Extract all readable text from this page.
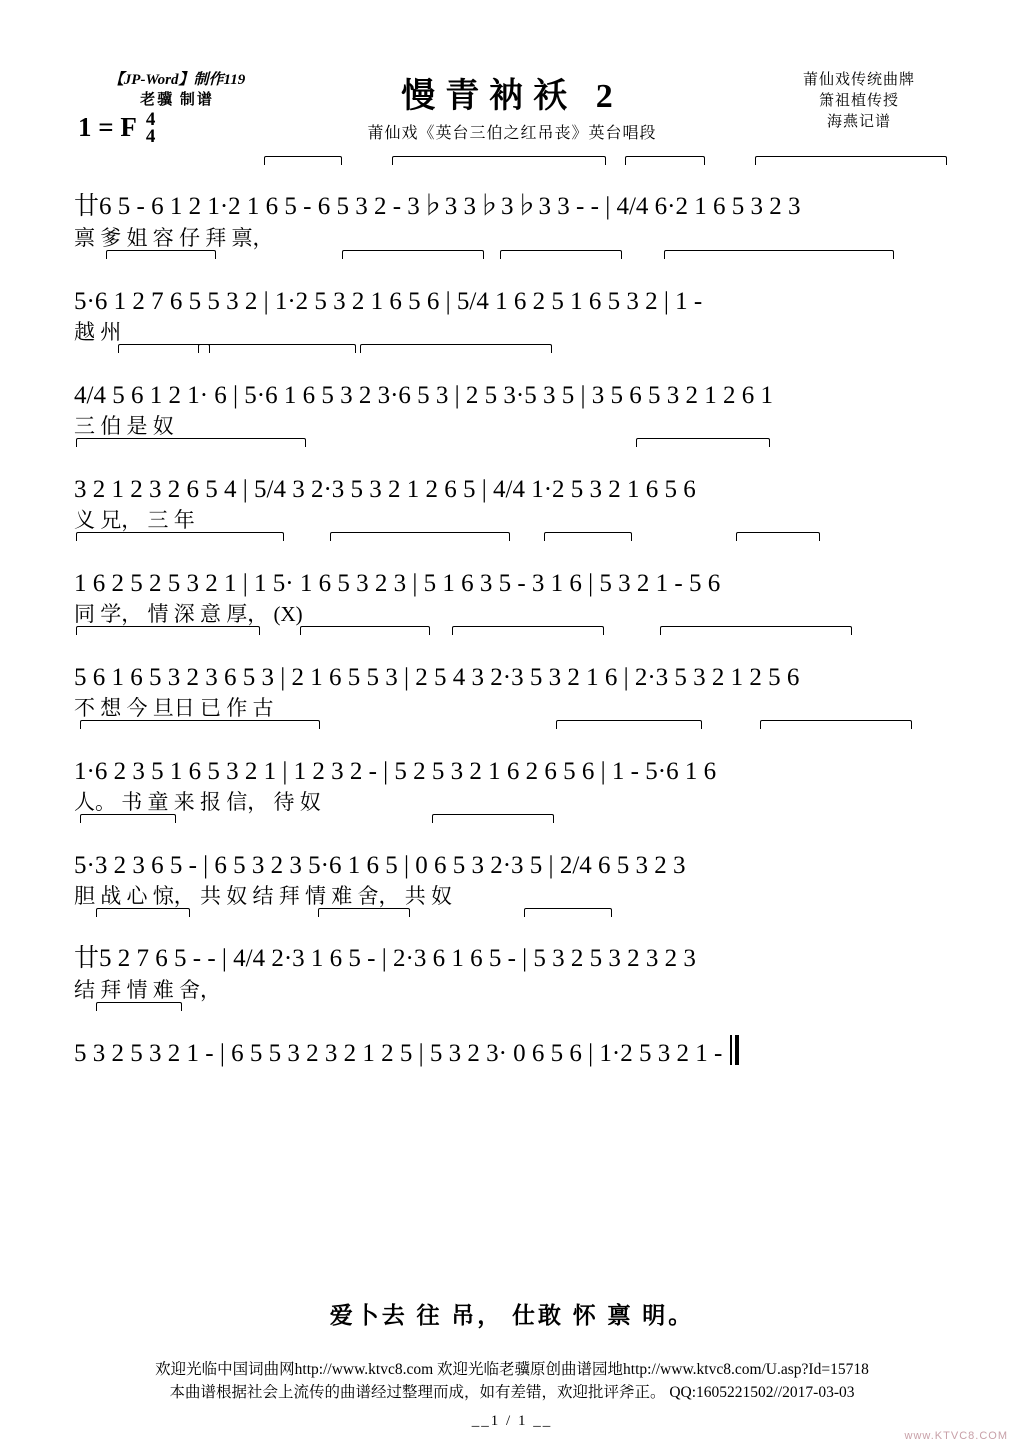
【JP-Word】制作119
老骥 制谱
1 = F 4
4
慢青衲袄 2
莆仙戏《英台三伯之红吊丧》英台唱段
莆仙戏传统曲牌
箫祖植传授
海燕记谱
廿6 5 - 6 1 2 1·2 1 6 5 - 6 5 3 2 - 3♭3 3♭3♭3 3 - - | 4/4 6·2 1 6 5 3 2 3
禀 爹 姐 容 仔 拜 禀，
5·6 1 2 7 6 5 5 3 2 | 1·2 5 3 2 1 6 5 6 | 5/4 1 6 2 5 1 6 5 3 2 | 1 -
越 州
4/4 5 6 1 2 1· 6 | 5·6 1 6 5 3 2 3·6 5 3 | 2 5 3·5 3 5 | 3 5 6 5 3 2 1 2 6 1
三 伯 是 奴
3 2 1 2 3 2 6 5 4 | 5/4 3 2·3 5 3 2 1 2 6 5 | 4/4 1·2 5 3 2 1 6 5 6
义 兄， 三 年
1 6 2 5 2 5 3 2 1 | 1 5· 1 6 5 3 2 3 | 5 1 6 3 5 - 3 1 6 | 5 3 2 1 - 5 6
同 学， 情 深 意 厚， (X)
5 6 1 6 5 3 2 3 6 5 3 | 2 1 6 5 5 3 | 2 5 4 3 2·3 5 3 2 1 6 | 2·3 5 3 2 1 2 5 6
不 想 今 旦日 已 作 古
1·6 2 3 5 1 6 5 3 2 1 | 1 2 3 2 - | 5 2 5 3 2 1 6 2 6 5 6 | 1 - 5·6 1 6
人。 书 童 来 报 信， 待 奴
5·3 2 3 6 5 - | 6 5 3 2 3 5·6 1 6 5 | 0 6 5 3 2·3 5 | 2/4 6 5 3 2 3
胆 战 心 惊， 共 奴 结 拜 情 难 舍， 共 奴
廿5 2 7 6 5 - - | 4/4 2·3 1 6 5 - | 2·3 6 1 6 5 - | 5 3 2 5 3 2 3 2 3
结 拜 情 难 舍，
5 3 2 5 3 2 1 - | 6 5 5 3 2 3 2 1 2 5 | 5 3 2 3· 0 6 5 6 | 1·2 5 3 2 1 -
爱卜去 往 吊， 仕敢 怀 禀 明。
欢迎光临中国词曲网http://www.ktvc8.com 欢迎光临老骥原创曲谱园地http://www.ktvc8.com/U.asp?Id=15718
本曲谱根据社会上流传的曲谱经过整理而成，如有差错，欢迎批评斧正。 QQ:1605221502//2017-03-03
__1 / 1 __
www.KTVC8.COM
